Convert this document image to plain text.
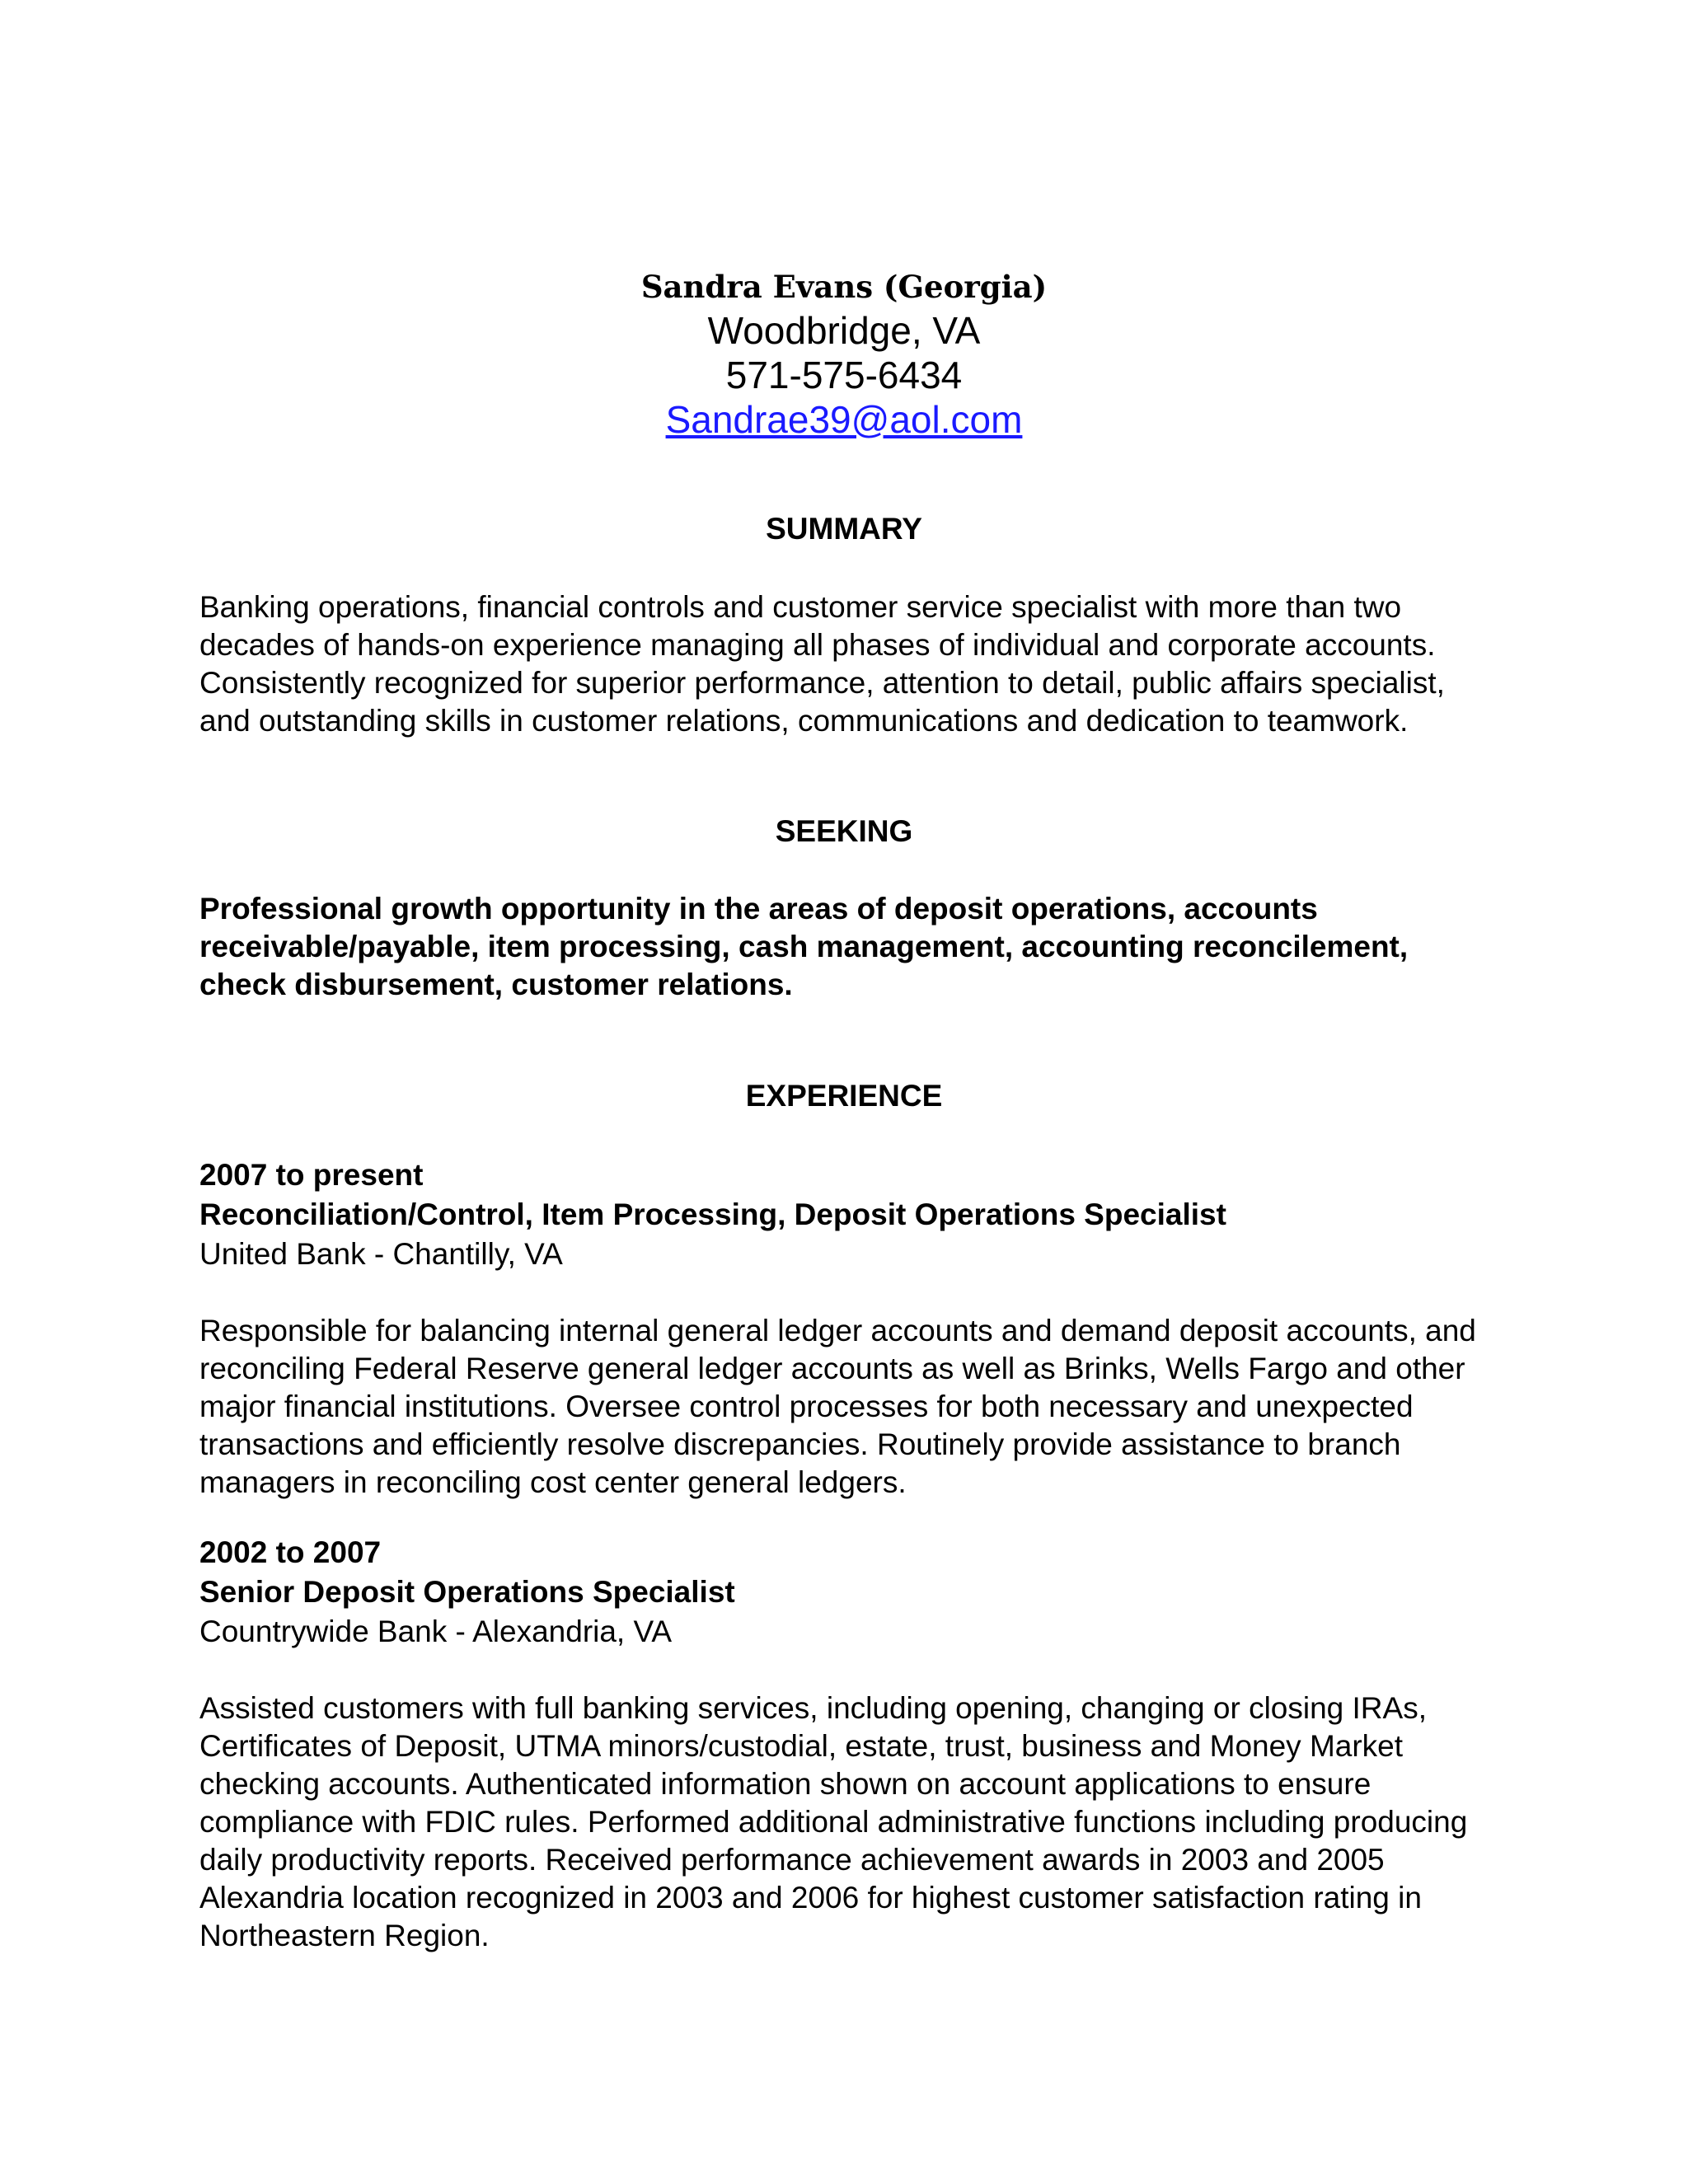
Sandra Evans (Georgia)
Woodbridge, VA
571-575-6434
Sandrae39@aol.com
SUMMARY
Banking operations, financial controls and customer service specialist with more than two decades of hands-on experience managing all phases of individual and corporate accounts. Consistently recognized for superior performance, attention to detail, public affairs specialist, and outstanding skills in customer relations, communications and dedication to teamwork.
SEEKING
Professional growth opportunity in the areas of deposit operations, accounts receivable/payable, item processing, cash management, accounting reconcilement, check disbursement, customer relations.
EXPERIENCE
2007 to present
Reconciliation/Control, Item Processing, Deposit Operations Specialist
United Bank - Chantilly, VA
Responsible for balancing internal general ledger accounts and demand deposit accounts, and reconciling Federal Reserve general ledger accounts as well as Brinks, Wells Fargo and other major financial institutions. Oversee control processes for both necessary and unexpected transactions and efficiently resolve discrepancies. Routinely provide assistance to branch managers in reconciling cost center general ledgers.
2002 to 2007
Senior Deposit Operations Specialist
Countrywide Bank - Alexandria, VA
Assisted customers with full banking services, including opening, changing or closing IRAs, Certificates of Deposit, UTMA minors/custodial, estate, trust, business and Money Market checking accounts. Authenticated information shown on account applications to ensure compliance with FDIC rules. Performed additional administrative functions including producing daily productivity reports. Received performance achievement awards in 2003 and 2005 Alexandria location recognized in 2003 and 2006 for highest customer satisfaction rating in Northeastern Region.
